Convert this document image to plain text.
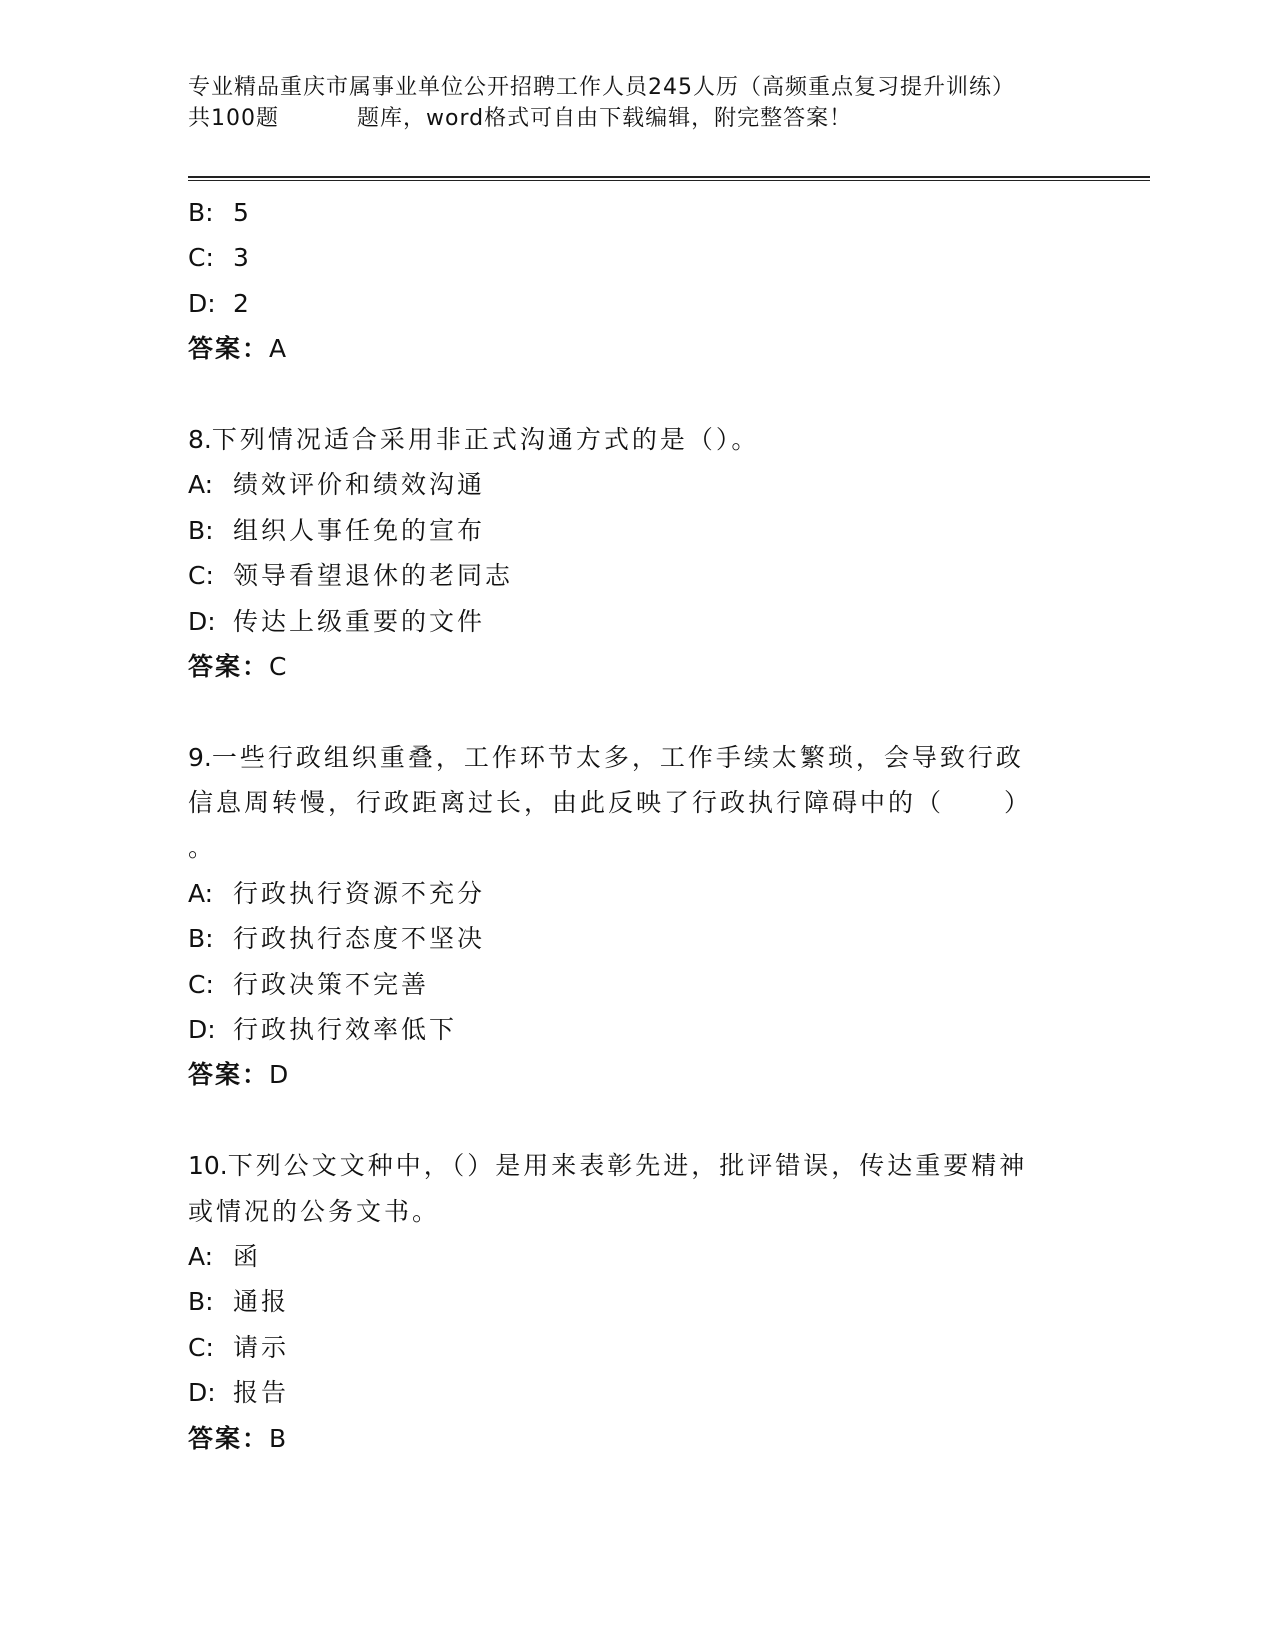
专业精品重庆市属事业单位公开招聘工作人员245人历（高频重点复习提升训练）
共100题	题库，word格式可自由下载编辑，附完整答案！
B: 5
C: 3
D: 2
答案：A
8.下列情况适合采用非正式沟通方式的是（）。
A: 绩效评价和绩效沟通
B: 组织人事任免的宣布
C: 领导看望退休的老同志
D: 传达上级重要的文件
答案：C
9.一些行政组织重叠，工作环节太多，工作手续太繁琐，会导致行政
信息周转慢，行政距离过长，由此反映了行政执行障碍中的（ ）
。
A: 行政执行资源不充分
B: 行政执行态度不坚决
C: 行政决策不完善
D: 行政执行效率低下
答案：D
10.下列公文文种中，（）是用来表彰先进，批评错误，传达重要精神
或情况的公务文书。
A: 函
B: 通报
C: 请示
D: 报告
答案：B
